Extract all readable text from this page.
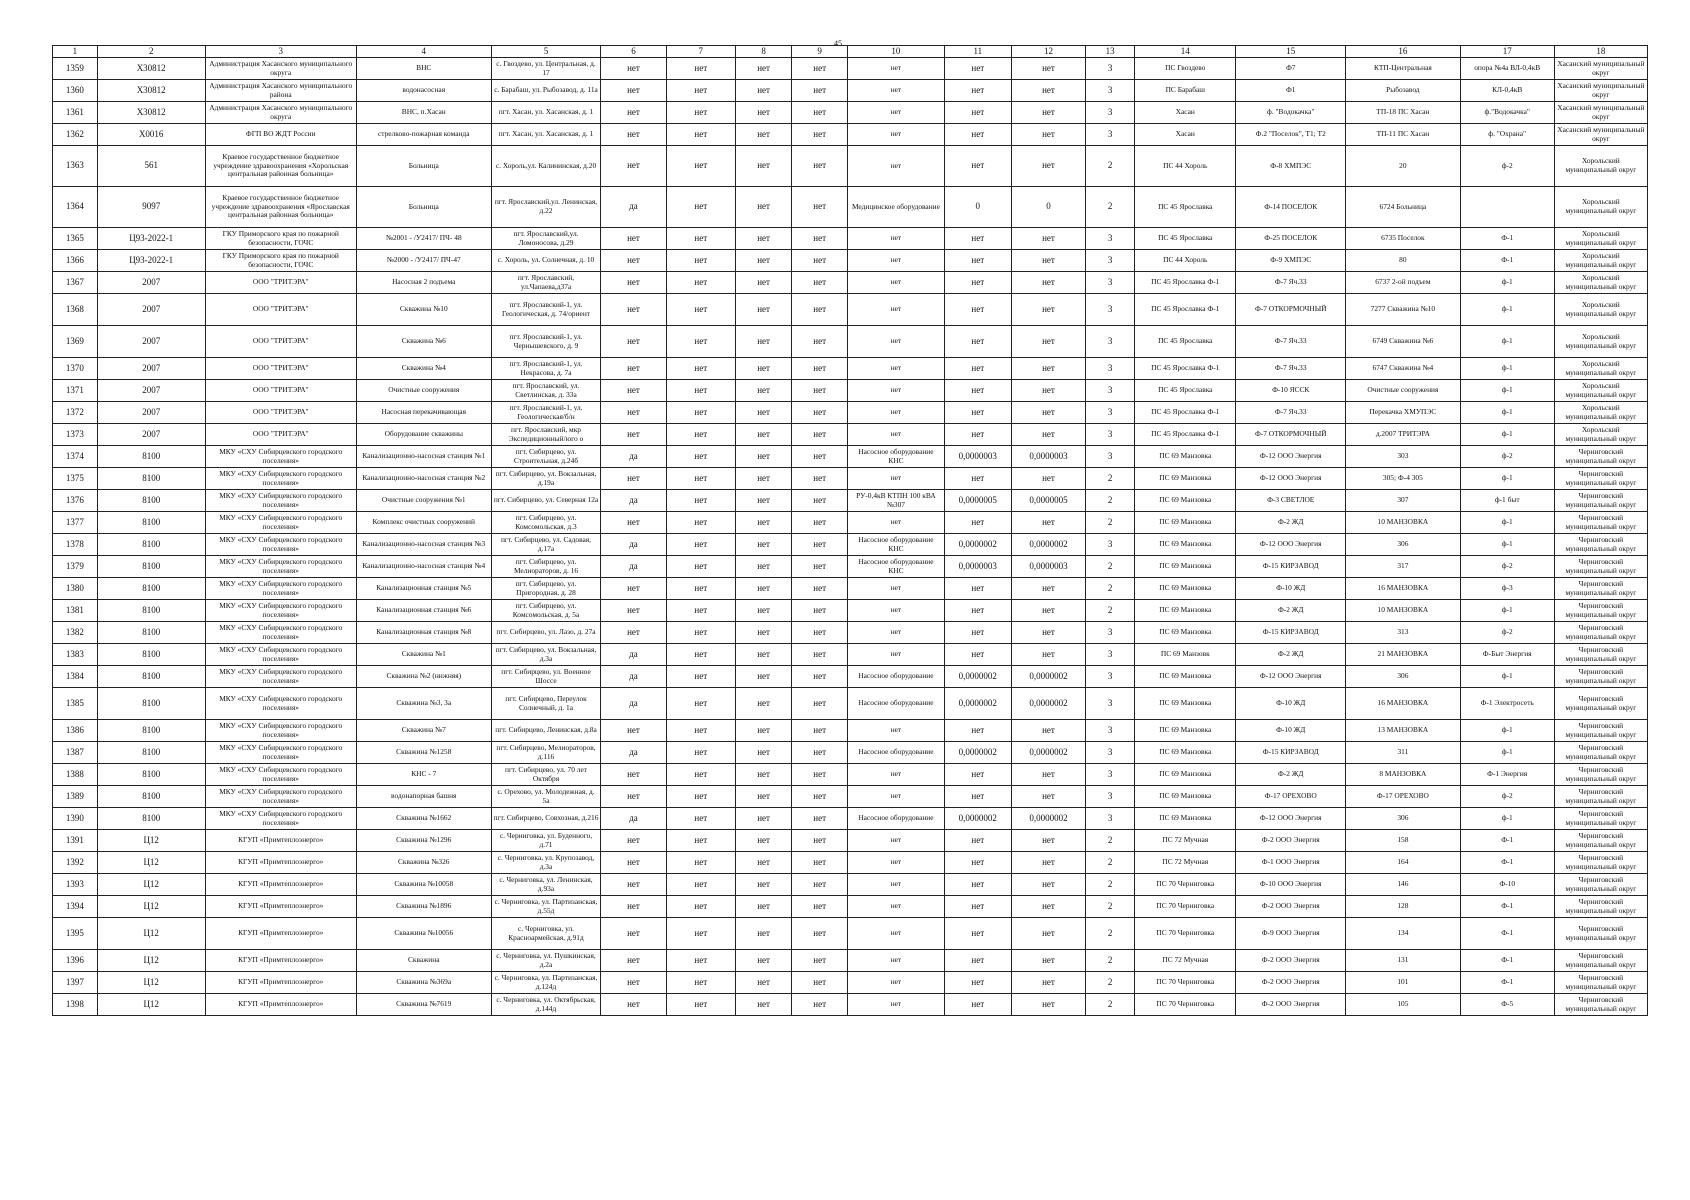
45
1	2	3	4	5	6	7	8	9	10	11	12	13	14	15	16	17	18
1359	Х30812	Администрация Хасанского муниципального округа	ВНС	с. Гвоздево, ул. Центральная, д. 17	нет	нет	нет	нет	нет	нет	нет	3	ПС Гвоздево	Ф7	КТП-Центральная	опора №4а ВЛ-0,4кВ	Хасанский муниципальный округ
1360	Х30812	Администрация Хасанского муниципального района	водонасосная	с. Барабаш, ул. Рыбозавод, д. 11а	нет	нет	нет	нет	нет	нет	нет	3	ПС Барабаш	Ф1	Рыбозавод	КЛ-0,4кВ	Хасанский муниципальный округ
1361	Х30812	Администрация Хасанского муниципального округа	ВНС, п.Хасан	пгт. Хасан, ул. Хасанская, д. 1	нет	нет	нет	нет	нет	нет	нет	3	Хасан	ф. "Водокачка"	ТП-18 ПС Хасан	ф."Водокачка"	Хасанский муниципальный округ
1362	Х0016	ФГП ВО ЖДТ России	стрелково-пожарная команда	пгт. Хасан, ул. Хасанская, д. 1	нет	нет	нет	нет	нет	нет	нет	3	Хасан	Ф.2 "Поселок", Т1; Т2	ТП-11 ПС Хасан	ф. "Охрана"	Хасанский муниципальный округ
1363	561	Краевое государственное бюджетное учреждение здравоохранения «Хорольская центральная районная больница»	Больница	с. Хороль,ул. Калининская, д.20	нет	нет	нет	нет	нет	нет	нет	2	ПС 44 Хороль	Ф-8 ХМПЭС	20	ф-2	Хорольский муниципальный округ
1364	9097	Краевое государственное бюджетное учреждение здравоохранения «Ярославская центральная районная больница»	Больница	пгт. Ярославский,ул. Ленинская, д.22	да	нет	нет	нет	Медицинское оборудование	0	0	2	ПС 45 Ярославка	Ф-14 ПОСЕЛОК	6724 Больница		Хорольский муниципальный округ
1365	Ц93-2022-1	ГКУ Приморского края по пожарной безопасности, ГОЧС	№2001 - /У2417/ ПЧ- 48	пгт. Ярославский,ул. Ломоносова, д.29	нет	нет	нет	нет	нет	нет	нет	3	ПС 45 Ярославка	Ф-25 ПОСЕЛОК	6735 Поселок	Ф-1	Хорольский муниципальный округ
1366	Ц93-2022-1	ГКУ Приморского края по пожарной безопасности, ГОЧС	№2000 - /У2417/ ПЧ-47	с. Хороль, ул. Солнечная, д. 10	нет	нет	нет	нет	нет	нет	нет	3	ПС 44 Хороль	Ф-9 ХМПЭС	80	Ф-1	Хорольский муниципальный округ
1367	2007	ООО "ТРИТЭРА"	Насосная 2 подъема	пгт. Ярославский, ул.Чапаева,д37а	нет	нет	нет	нет	нет	нет	нет	3	ПС 45 Ярославка Ф-1	Ф-7 Яч.33	6737 2-ой подъем	ф-1	Хорольский муниципальный округ
1368	2007	ООО "ТРИТЭРА"	Скважина №10	пгт. Ярославский-1, ул. Геологическая, д. 74/ориент	нет	нет	нет	нет	нет	нет	нет	3	ПС 45 Ярославка Ф-1	Ф-7 ОТКОРМОЧНЫЙ	7277 Скважина №10	ф-1	Хорольский муниципальный округ
1369	2007	ООО "ТРИТЭРА"	Скважина №6	пгт. Ярославский-1, ул. Чернышевского, д. 9	нет	нет	нет	нет	нет	нет	нет	3	ПС 45 Ярославка	Ф-7 Яч.33	6749 Скважина №6	ф-1	Хорольский муниципальный округ
1370	2007	ООО "ТРИТЭРА"	Скважина №4	пгт. Ярославский-1, ул. Некрасова, д. 7а	нет	нет	нет	нет	нет	нет	нет	3	ПС 45 Ярославка Ф-1	Ф-7 Яч.33	6747 Скважина №4	ф-1	Хорольский муниципальный округ
1371	2007	ООО "ТРИТЭРА"	Очистные сооружения	пгт. Ярославский, ул. Светлинская, д. 33а	нет	нет	нет	нет	нет	нет	нет	3	ПС 45 Ярославка	Ф-10 ЯССК	Очистные сооружения	ф-1	Хорольский муниципальный округ
1372	2007	ООО "ТРИТЭРА"	Насосная перекачивающая	пгт. Ярославский-1, ул. Геологическая/б/н	нет	нет	нет	нет	нет	нет	нет	3	ПС 45 Ярославка Ф-1	Ф-7 Яч.33	Перекачка ХМУПЭС	ф-1	Хорольский муниципальный округ
1373	2007	ООО "ТРИТЭРА"	Оборудование скважины	пгт. Ярославский, мкр Экспедиционный/юго о	нет	нет	нет	нет	нет	нет	нет	3	ПС 45 Ярославка Ф-1	Ф-7 ОТКОРМОЧНЫЙ	д.2007 ТРИТЭРА	ф-1	Хорольский муниципальный округ
1374	8100	МКУ «СХУ Сибирцевского городского поселения»	Канализационно-насосная станция №1	пгт. Сибирцево, ул. Строительная, д.24б	да	нет	нет	нет	Насосное оборудование КНС	0,0000003	0,0000003	3	ПС 69 Манзовка	Ф-12 ООО Энергия	303	ф-2	Черниговский муниципальный округ
1375	8100	МКУ «СХУ Сибирцевского городского поселения»	Канализационно-насосная станция №2	пгт. Сибирцево, ул. Вокзальная, д.19а	нет	нет	нет	нет	нет	нет	нет	2	ПС 69 Манзовка	Ф-12 ООО Энергия	305; Ф-4 305	ф-1	Черниговский муниципальный округ
1376	8100	МКУ «СХУ Сибирцевского городского поселения»	Очистные сооружения №1	пгт. Сибирцево, ул. Северная 12а	да	нет	нет	нет	РУ-0,4кВ КТПН 100 кВА №307	0,0000005	0,0000005	2	ПС 69 Манзовка	Ф-3 СВЕТЛОЕ	307	ф-1 быт	Черниговский муниципальный округ
1377	8100	МКУ «СХУ Сибирцевского городского поселения»	Комплекс очистных сооружений	пгт. Сибирцево, ул. Комсомольская, д.3	нет	нет	нет	нет	нет	нет	нет	2	ПС 69 Манзовка	Ф-2 ЖД	10 МАНЗОВКА	ф-1	Черниговский муниципальный округ
1378	8100	МКУ «СХУ Сибирцевского городского поселения»	Канализационно-насосная станция №3	пгт. Сибирцево, ул. Садовая, д.17а	да	нет	нет	нет	Насосное оборудование КНС	0,0000002	0,0000002	3	ПС 69 Манзовка	Ф-12 ООО Энергия	306	ф-1	Черниговский муниципальный округ
1379	8100	МКУ «СХУ Сибирцевского городского поселения»	Канализационно-насосная станция №4	пгт. Сибирцево, ул. Мелиораторов, д. 16	да	нет	нет	нет	Насосное оборудование КНС	0,0000003	0,0000003	2	ПС 69 Манзовка	Ф-15 КИРЗАВОД	317	ф-2	Черниговский муниципальный округ
1380	8100	МКУ «СХУ Сибирцевского городского поселения»	Канализационная станция №5	пгт. Сибирцево, ул. Пригородная, д. 28	нет	нет	нет	нет	нет	нет	нет	2	ПС 69 Манзовка	Ф-10 ЖД	16 МАНЗОВКА	ф-3	Черниговский муниципальный округ
1381	8100	МКУ «СХУ Сибирцевского городского поселения»	Канализационная станция №6	пгт. Сибирцево, ул. Комсомольская, д. 5а	нет	нет	нет	нет	нет	нет	нет	2	ПС 69 Манзовка	Ф-2 ЖД	10 МАНЗОВКА	ф-1	Черниговский муниципальный округ
1382	8100	МКУ «СХУ Сибирцевского городского поселения»	Канализационная станция №8	пгт. Сибирцево, ул. Лазо, д. 27а	нет	нет	нет	нет	нет	нет	нет	3	ПС 69 Манзовка	Ф-15 КИРЗАВОД	313	ф-2	Черниговский муниципальный округ
1383	8100	МКУ «СХУ Сибирцевского городского поселения»	Скважина №1	пгт. Сибирцево, ул. Вокзальная, д.3а	да	нет	нет	нет	нет	нет	нет	3	ПС 69 Манзовк	Ф-2 ЖД	21 МАНЗОВКА	Ф-Быт Энергия	Черниговский муниципальный округ
1384	8100	МКУ «СХУ Сибирцевского городского поселения»	Скважина №2 (нижняя)	пгт. Сибирцево, ул. Военное Шоссе	да	нет	нет	нет	Насосное оборудование	0,0000002	0,0000002	3	ПС 69 Манзовка	Ф-12 ООО Энергия	306	ф-1	Черниговский муниципальный округ
1385	8100	МКУ «СХУ Сибирцевского городского поселения»	Скважина №3, 3а	пгт. Сибирцево, Переулок Солнечный, д. 1а	да	нет	нет	нет	Насосное оборудование	0,0000002	0,0000002	3	ПС 69 Манзовка	Ф-10 ЖД	16 МАНЗОВКА	Ф-1 Электросеть	Черниговский муниципальный округ
1386	8100	МКУ «СХУ Сибирцевского городского поселения»	Скважина №7	пгт. Сибирцево, Ленинская, д.8а	нет	нет	нет	нет	нет	нет	нет	3	ПС 69 Манзовка	Ф-10 ЖД	13 МАНЗОВКА	ф-1	Черниговский муниципальный округ
1387	8100	МКУ «СХУ Сибирцевского городского поселения»	Скважина №1258	пгт. Сибирцево, Мелиораторов, д.116	да	нет	нет	нет	Насосное оборудование	0,0000002	0,0000002	3	ПС 69 Манзовка	Ф-15 КИРЗАВОД	311	ф-1	Черниговский муниципальный округ
1388	8100	МКУ «СХУ Сибирцевского городского поселения»	КНС - 7	пгт. Сибирцево, ул. 70 лет Октября	нет	нет	нет	нет	нет	нет	нет	3	ПС 69 Манзовка	Ф-2 ЖД	8 МАНЗОВКА	Ф-1 Энергия	Черниговский муниципальный округ
1389	8100	МКУ «СХУ Сибирцевского городского поселения»	водонапорная башня	с. Орехово, ул. Молодежная, д. 5а	нет	нет	нет	нет	нет	нет	нет	3	ПС 69 Манзовка	Ф-17 ОРЕХОВО	Ф-17 ОРЕХОВО	ф-2	Черниговский муниципальный округ
1390	8100	МКУ «СХУ Сибирцевского городского поселения»	Скважина №1662	пгт. Сибирцево, Совхозная, д.216	да	нет	нет	нет	Насосное оборудование	0,0000002	0,0000002	3	ПС 69 Манзовка	Ф-12 ООО Энергия	306	ф-1	Черниговский муниципальный округ
1391	Ц12	КГУП «Примтеплоэнерго»	Скважина №1296	с. Черниговка, ул. Буденного, д.71	нет	нет	нет	нет	нет	нет	нет	2	ПС 72 Мучная	Ф-2 ООО Энергия	158	Ф-1	Черниговский муниципальный округ
1392	Ц12	КГУП «Примтеплоэнерго»	Скважина №326	с. Черниговка, ул. Крупозавод, д.3а	нет	нет	нет	нет	нет	нет	нет	2	ПС 72 Мучная	Ф-1 ООО Энергия	164	Ф-1	Черниговский муниципальный округ
1393	Ц12	КГУП «Примтеплоэнерго»	Скважина №10058	с. Черниговка, ул. Ленинская, д.93а	нет	нет	нет	нет	нет	нет	нет	2	ПС 70 Черниговка	Ф-10 ООО Энергия	146	Ф-10	Черниговский муниципальный округ
1394	Ц12	КГУП «Примтеплоэнерго»	Скважина №1896	с. Черниговка, ул. Партизанская, д.55д	нет	нет	нет	нет	нет	нет	нет	2	ПС 70 Черниговка	Ф-2 ООО Энергия	128	Ф-1	Черниговский муниципальный округ
1395	Ц12	КГУП «Примтеплоэнерго»	Скважина №10056	с. Черниговка, ул. Красноармейская, д.91д	нет	нет	нет	нет	нет	нет	нет	2	ПС 70 Черниговка	Ф-9 ООО Энергия	134	Ф-1	Черниговский муниципальный округ
1396	Ц12	КГУП «Примтеплоэнерго»	Скважина	с. Черниговка, ул. Пушкинская, д.2а	нет	нет	нет	нет	нет	нет	нет	2	ПС 72 Мучная	Ф-2 ООО Энергия	131	Ф-1	Черниговский муниципальный округ
1397	Ц12	КГУП «Примтеплоэнерго»	Скважина №369а	с. Черниговка, ул. Партизанская, д.124д	нет	нет	нет	нет	нет	нет	нет	2	ПС 70 Черниговка	Ф-2 ООО Энергия	101	Ф-1	Черниговский муниципальный округ
1398	Ц12	КГУП «Примтеплоэнерго»	Скважина №7619	с. Черниговка, ул. Октябрьская, д.144д	нет	нет	нет	нет	нет	нет	нет	2	ПС 70 Черниговка	Ф-2 ООО Энергия	105	Ф-5	Черниговский муниципальный округ
